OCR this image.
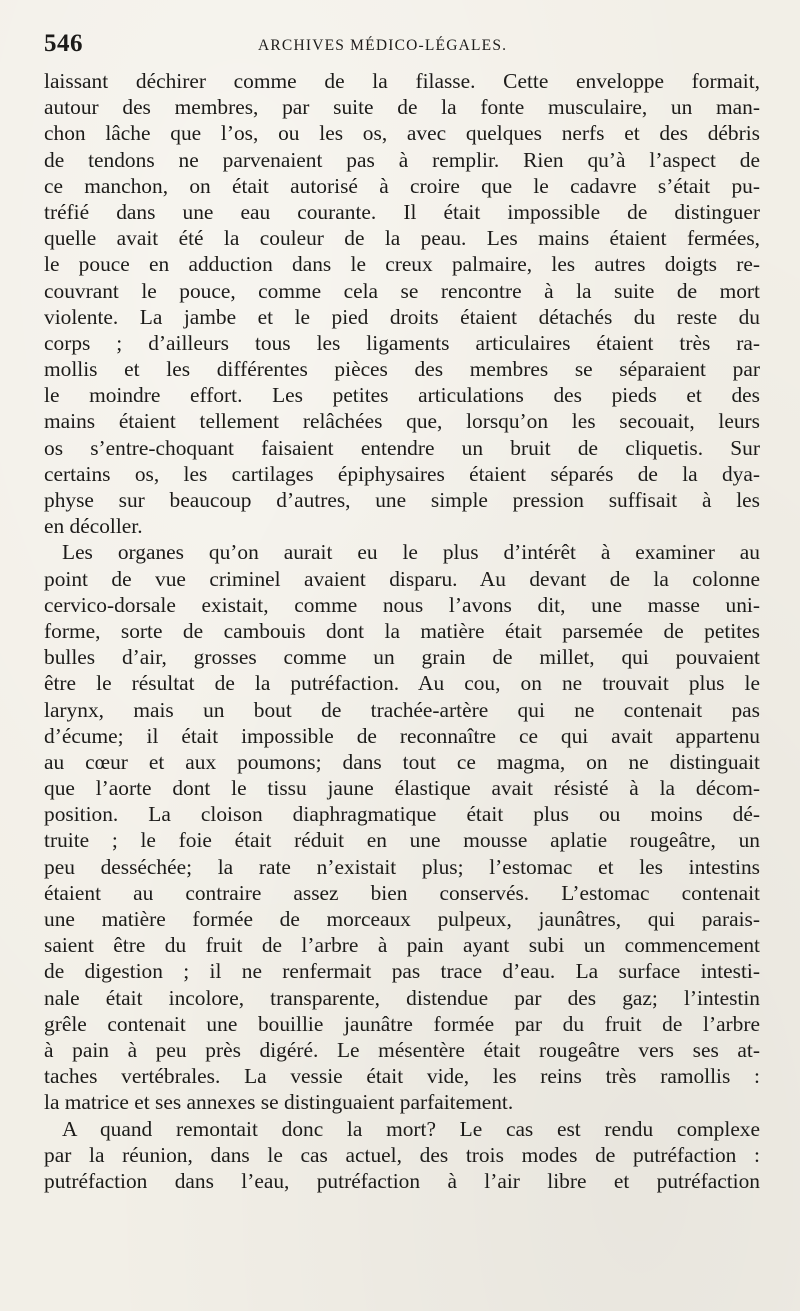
546	ARCHIVES MÉDICO-LÉGALES.
laissant déchirer comme de la filasse. Cette enveloppe formait,
autour des membres, par suite de la fonte musculaire, un man-
chon lâche que l’os, ou les os, avec quelques nerfs et des débris
de tendons ne parvenaient pas à remplir. Rien qu’à l’aspect de
ce manchon, on était autorisé à croire que le cadavre s’était pu-
tréfié dans une eau courante. Il était impossible de distinguer
quelle avait été la couleur de la peau. Les mains étaient fermées,
le pouce en adduction dans le creux palmaire, les autres doigts re-
couvrant le pouce, comme cela se rencontre à la suite de mort
violente. La jambe et le pied droits étaient détachés du reste du
corps ; d’ailleurs tous les ligaments articulaires étaient très ra-
mollis et les différentes pièces des membres se séparaient par
le moindre effort. Les petites articulations des pieds et des
mains étaient tellement relâchées que, lorsqu’on les secouait, leurs
os s’entre-choquant faisaient entendre un bruit de cliquetis. Sur
certains os, les cartilages épiphysaires étaient séparés de la dya-
physe sur beaucoup d’autres, une simple pression suffisait à les
en décoller.
Les organes qu’on aurait eu le plus d’intérêt à examiner au
point de vue criminel avaient disparu. Au devant de la colonne
cervico-dorsale existait, comme nous l’avons dit, une masse uni-
forme, sorte de cambouis dont la matière était parsemée de petites
bulles d’air, grosses comme un grain de millet, qui pouvaient
être le résultat de la putréfaction. Au cou, on ne trouvait plus le
larynx, mais un bout de trachée-artère qui ne contenait pas
d’écume; il était impossible de reconnaître ce qui avait appartenu
au cœur et aux poumons; dans tout ce magma, on ne distinguait
que l’aorte dont le tissu jaune élastique avait résisté à la décom-
position. La cloison diaphragmatique était plus ou moins dé-
truite ; le foie était réduit en une mousse aplatie rougeâtre, un
peu desséchée; la rate n’existait plus; l’estomac et les intestins
étaient au contraire assez bien conservés. L’estomac contenait
une matière formée de morceaux pulpeux, jaunâtres, qui parais-
saient être du fruit de l’arbre à pain ayant subi un commencement
de digestion ; il ne renfermait pas trace d’eau. La surface intesti-
nale était incolore, transparente, distendue par des gaz; l’intestin
grêle contenait une bouillie jaunâtre formée par du fruit de l’arbre
à pain à peu près digéré. Le mésentère était rougeâtre vers ses at-
taches vertébrales. La vessie était vide, les reins très ramollis :
la matrice et ses annexes se distinguaient parfaitement.
A quand remontait donc la mort? Le cas est rendu complexe
par la réunion, dans le cas actuel, des trois modes de putréfaction :
putréfaction dans l’eau, putréfaction à l’air libre et putréfaction
